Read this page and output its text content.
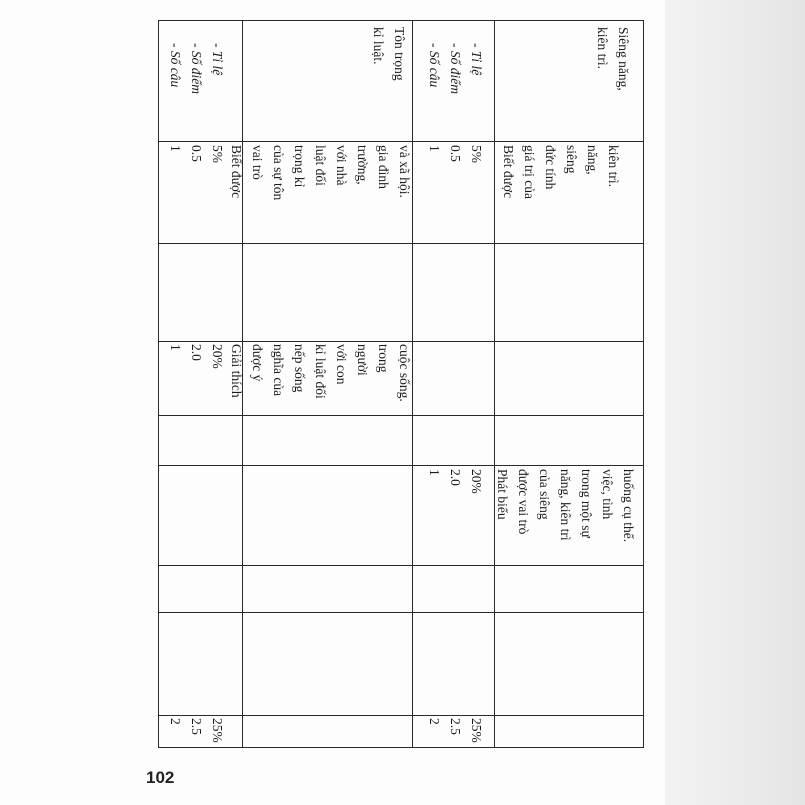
Siêng năng,
kiên trì.
kiên trì.
năng,
siêng
đức tính
giá trị của
Biết được
huống cụ thể.
việc, tình
trong một sự
năng, kiên trì
của siêng
được vai trò
Phát biểu
- Tỉ lệ
- Số điểm
- Số câu
5%
0.5
1
20%
2.0
1
25%
2.5
2
Tôn trọng
kỉ luật.
và xã hội.
gia đình
trường,
với nhà
luật đối
trọng kỉ
của sự tôn
vai trò
Biết được
cuộc sống.
trong
người
với con
kỉ luật đối
nếp sống
nghĩa của
được ý
Giải thích
- Tỉ lệ
- Số điểm
- Số câu
5%
0.5
1
20%
2.0
1
25%
2.5
2
102
